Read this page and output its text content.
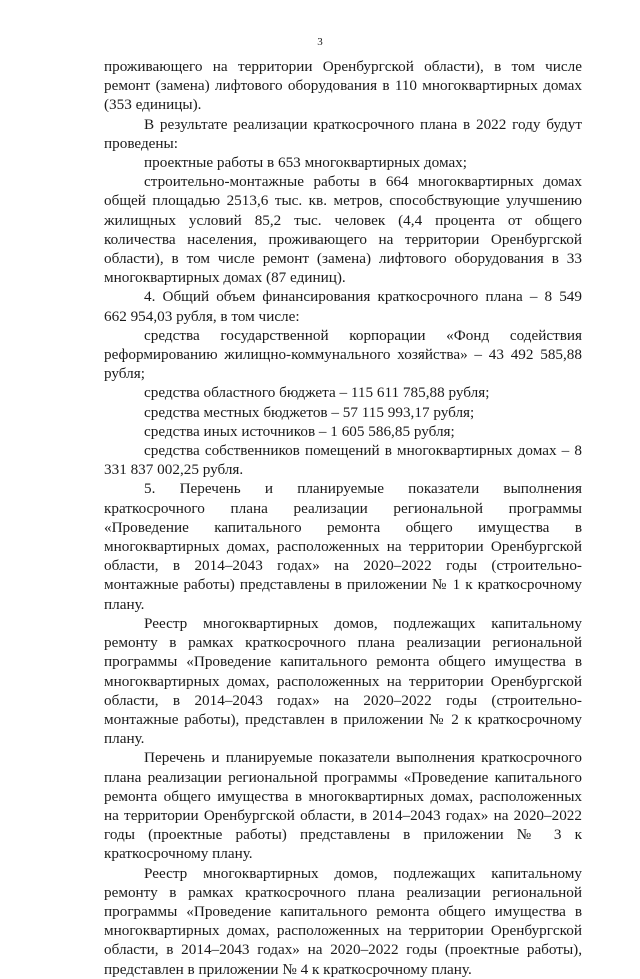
3

проживающего на территории Оренбургской области), в том числе ремонт (замена) лифтового оборудования в 110 многоквартирных домах (353 единицы).

В результате реализации краткосрочного плана в 2022 году будут проведены:

проектные работы в 653 многоквартирных домах;

строительно-монтажные работы в 664 многоквартирных домах общей площадью 2513,6 тыс. кв. метров, способствующие улучшению жилищных условий 85,2 тыс. человек (4,4 процента от общего количества населения, проживающего на территории Оренбургской области), в том числе ремонт (замена) лифтового оборудования в 33 многоквартирных домах (87 единиц).

4. Общий объем финансирования краткосрочного плана – 8 549 662 954,03 рубля, в том числе:

средства государственной корпорации «Фонд содействия реформированию жилищно-коммунального хозяйства» – 43 492 585,88 рубля;

средства областного бюджета – 115 611 785,88 рубля;

средства местных бюджетов – 57 115 993,17 рубля;

средства иных источников – 1 605 586,85 рубля;

средства собственников помещений в многоквартирных домах – 8 331 837 002,25 рубля.

5. Перечень и планируемые показатели выполнения краткосрочного плана реализации региональной программы «Проведение капитального ремонта общего имущества в многоквартирных домах, расположенных на территории Оренбургской области, в 2014–2043 годах» на 2020–2022 годы (строительно-монтажные работы) представлены в приложении № 1 к краткосрочному плану.

Реестр многоквартирных домов, подлежащих капитальному ремонту в рамках краткосрочного плана реализации региональной программы «Проведение капитального ремонта общего имущества в многоквартирных домах, расположенных на территории Оренбургской области, в 2014–2043 годах» на 2020–2022 годы (строительно-монтажные работы), представлен в приложении № 2 к краткосрочному плану.

Перечень и планируемые показатели выполнения краткосрочного плана реализации региональной программы «Проведение капитального ремонта общего имущества в многоквартирных домах, расположенных на территории Оренбургской области, в 2014–2043 годах» на 2020–2022 годы (проектные работы) представлены в приложении № 3 к краткосрочному плану.

Реестр многоквартирных домов, подлежащих капитальному ремонту в рамках краткосрочного плана реализации региональной программы «Проведение капитального ремонта общего имущества в многоквартирных домах, расположенных на территории Оренбургской области, в 2014–2043 годах» на 2020–2022 годы (проектные работы), представлен в приложении № 4 к краткосрочному плану.
